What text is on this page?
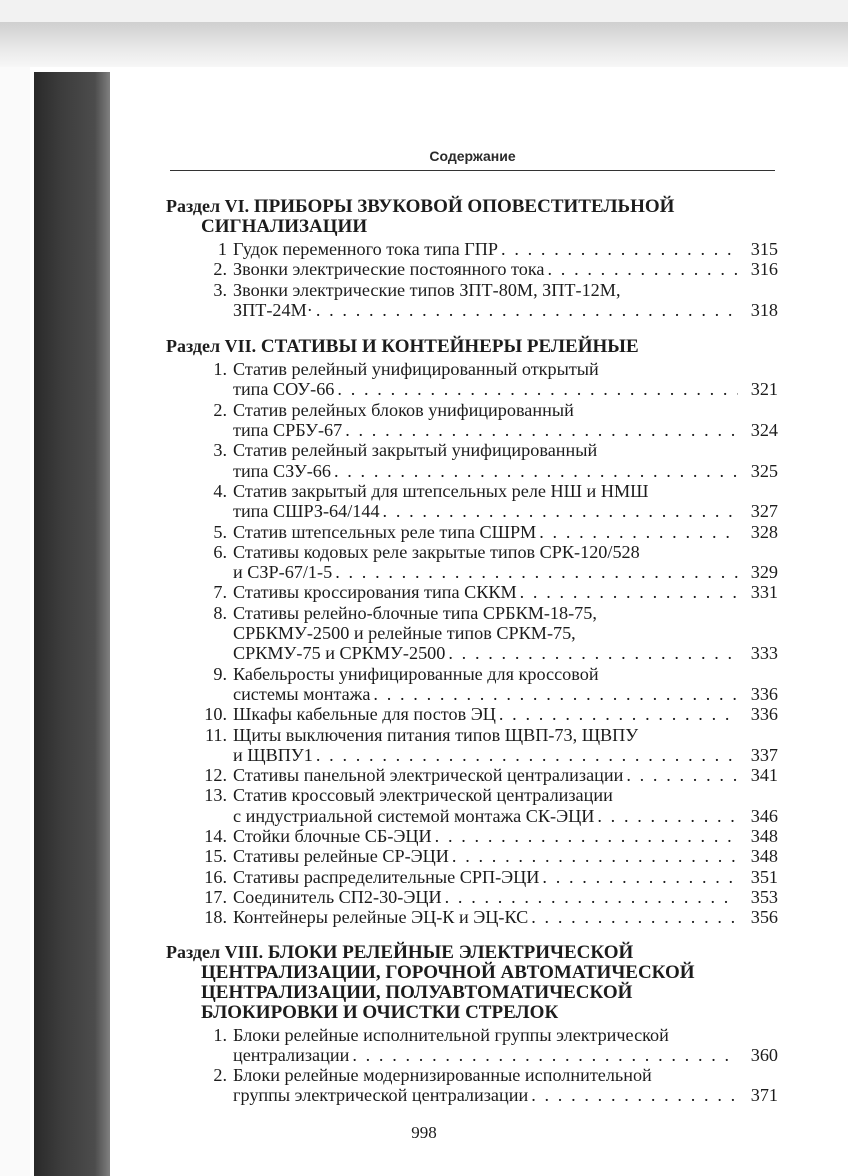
Содержание
Раздел VI. ПРИБОРЫ ЗВУКОВОЙ ОПОВЕСТИТЕЛЬНОЙ
СИГНАЛИЗАЦИИ
1 Гудок переменного тока типа ГПР . . .	315
2. Звонки электрические постоянного тока . . .	316
3. Звонки электрические типов ЗПТ-80М, ЗПТ-12М,
ЗПТ-24М· . . .	318
Раздел VII. СТАТИВЫ И КОНТЕЙНЕРЫ РЕЛЕЙНЫЕ
1. Статив релейный унифицированный открытый
типа СОУ-66 . . .	321
2. Статив релейных блоков унифицированный
типа СРБУ-67 . . .	324
3. Статив релейный закрытый унифицированный
типа СЗУ-66 . . .	325
4. Статив закрытый для штепсельных реле НШ и НМШ
типа СШРЗ-64/144 . . .	327
5. Статив штепсельных реле типа СШРМ . . .	328
6. Стативы кодовых реле закрытые типов СРК-120/528
и СЗР-67/1-5 . . .	329
7. Стативы кроссирования типа СККМ . . .	331
8. Стативы релейно-блочные типа СРБКМ-18-75,
СРБКМУ-2500 и релейные типов СРКМ-75,
СРКМУ-75 и СРКМУ-2500 . . .	333
9. Кабельросты унифицированные для кроссовой
системы монтажа . . .	336
10. Шкафы кабельные для постов ЭЦ . . .	336
11. Щиты выключения питания типов ЩВП-73, ЩВПУ
и ЩВПУ1 . . .	337
12. Стативы панельной электрической централизации . . .	341
13. Статив кроссовый электрической централизации
с индустриальной системой монтажа СК-ЭЦИ . . .	346
14. Стойки блочные СБ-ЭЦИ . . .	348
15. Стативы релейные СР-ЭЦИ . . .	348
16. Стативы распределительные СРП-ЭЦИ . . .	351
17. Соединитель СП2-30-ЭЦИ . . .	353
18. Контейнеры релейные ЭЦ-К и ЭЦ-КС . . .	356
Раздел VIII. БЛОКИ РЕЛЕЙНЫЕ ЭЛЕКТРИЧЕСКОЙ
ЦЕНТРАЛИЗАЦИИ, ГОРОЧНОЙ АВТОМАТИЧЕСКОЙ
ЦЕНТРАЛИЗАЦИИ, ПОЛУАВТОМАТИЧЕСКОЙ
БЛОКИРОВКИ И ОЧИСТКИ СТРЕЛОК
1. Блоки релейные исполнительной группы электрической
централизации . . .	360
2. Блоки релейные модернизированные исполнительной
группы электрической централизации . . .	371
998
